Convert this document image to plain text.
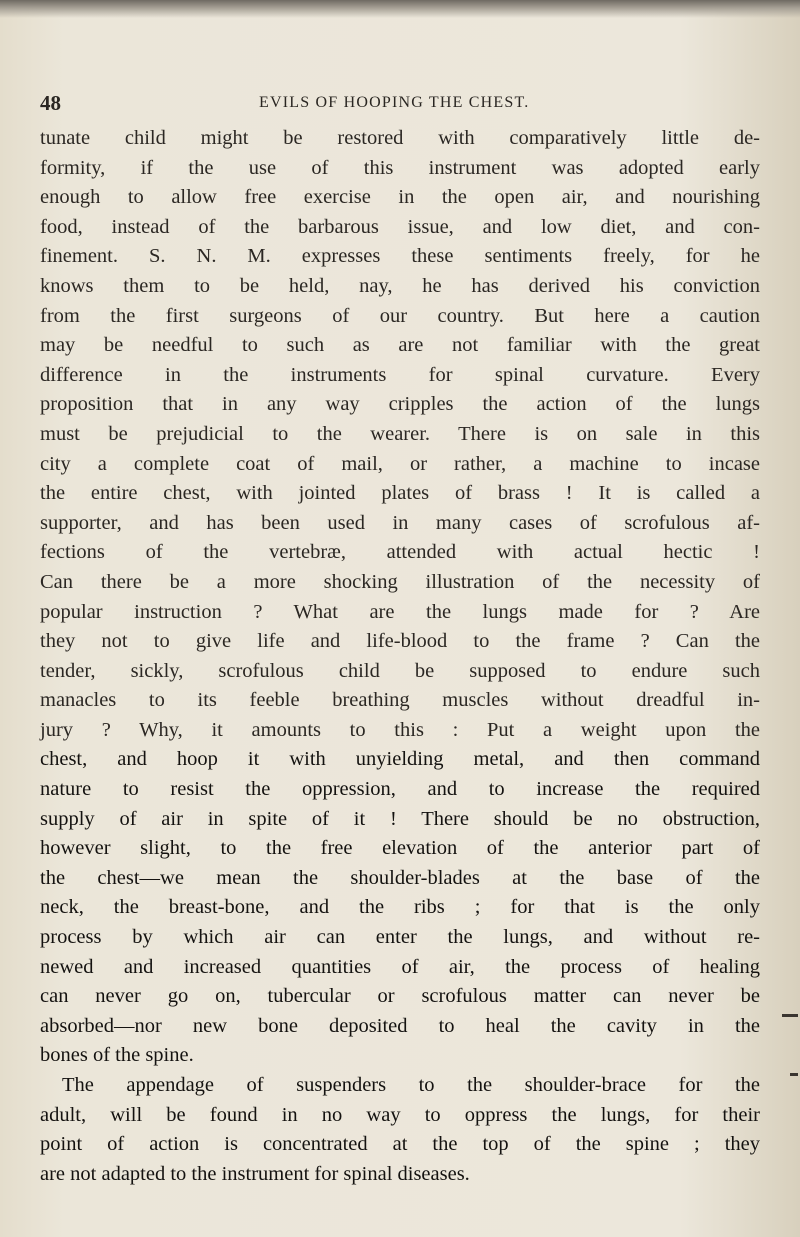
48	EVILS OF HOOPING THE CHEST.
tunate child might be restored with comparatively little de-
formity, if the use of this instrument was adopted early
enough to allow free exercise in the open air, and nourishing
food, instead of the barbarous issue, and low diet, and con-
finement. S. N. M. expresses these sentiments freely, for he
knows them to be held, nay, he has derived his conviction
from the first surgeons of our country. But here a caution
may be needful to such as are not familiar with the great
difference in the instruments for spinal curvature. Every
proposition that in any way cripples the action of the lungs
must be prejudicial to the wearer. There is on sale in this
city a complete coat of mail, or rather, a machine to incase
the entire chest, with jointed plates of brass ! It is called a
supporter, and has been used in many cases of scrofulous af-
fections of the vertebræ, attended with actual hectic !
Can there be a more shocking illustration of the necessity of
popular instruction ? What are the lungs made for ? Are
they not to give life and life-blood to the frame ? Can the
tender, sickly, scrofulous child be supposed to endure such
manacles to its feeble breathing muscles without dreadful in-
jury ? Why, it amounts to this : Put a weight upon the
chest, and hoop it with unyielding metal, and then command
nature to resist the oppression, and to increase the required
supply of air in spite of it ! There should be no obstruction,
however slight, to the free elevation of the anterior part of
the chest—we mean the shoulder-blades at the base of the
neck, the breast-bone, and the ribs ; for that is the only
process by which air can enter the lungs, and without re-
newed and increased quantities of air, the process of healing
can never go on, tubercular or scrofulous matter can never be
absorbed—nor new bone deposited to heal the cavity in the
bones of the spine.
The appendage of suspenders to the shoulder-brace for the
adult, will be found in no way to oppress the lungs, for their
point of action is concentrated at the top of the spine ; they
are not adapted to the instrument for spinal diseases.
